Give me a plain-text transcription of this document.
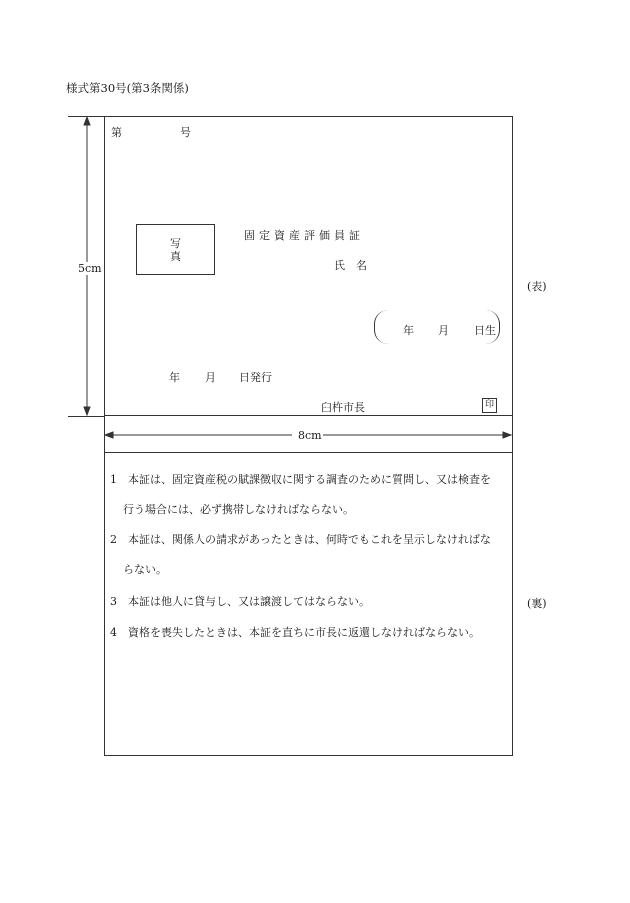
様式第30号(第3条関係)
第	号
写
真
固定資産評価員証
氏　名
年 月 日生
年 月 日発行
臼杵市長	印
(表)
5cm
8cm
1　 本証は、固定資産税の賦課徴収に関する調査のために質問し、又は検査を
行う場合には、必ず携帯しなければならない。
2　 本証は、関係人の請求があったときは、何時でもこれを呈示しなければな
らない。
3　 本証は他人に貸与し、又は譲渡してはならない。
4　 資格を喪失したときは、本証を直ちに市長に返還しなければならない。
(裏)
